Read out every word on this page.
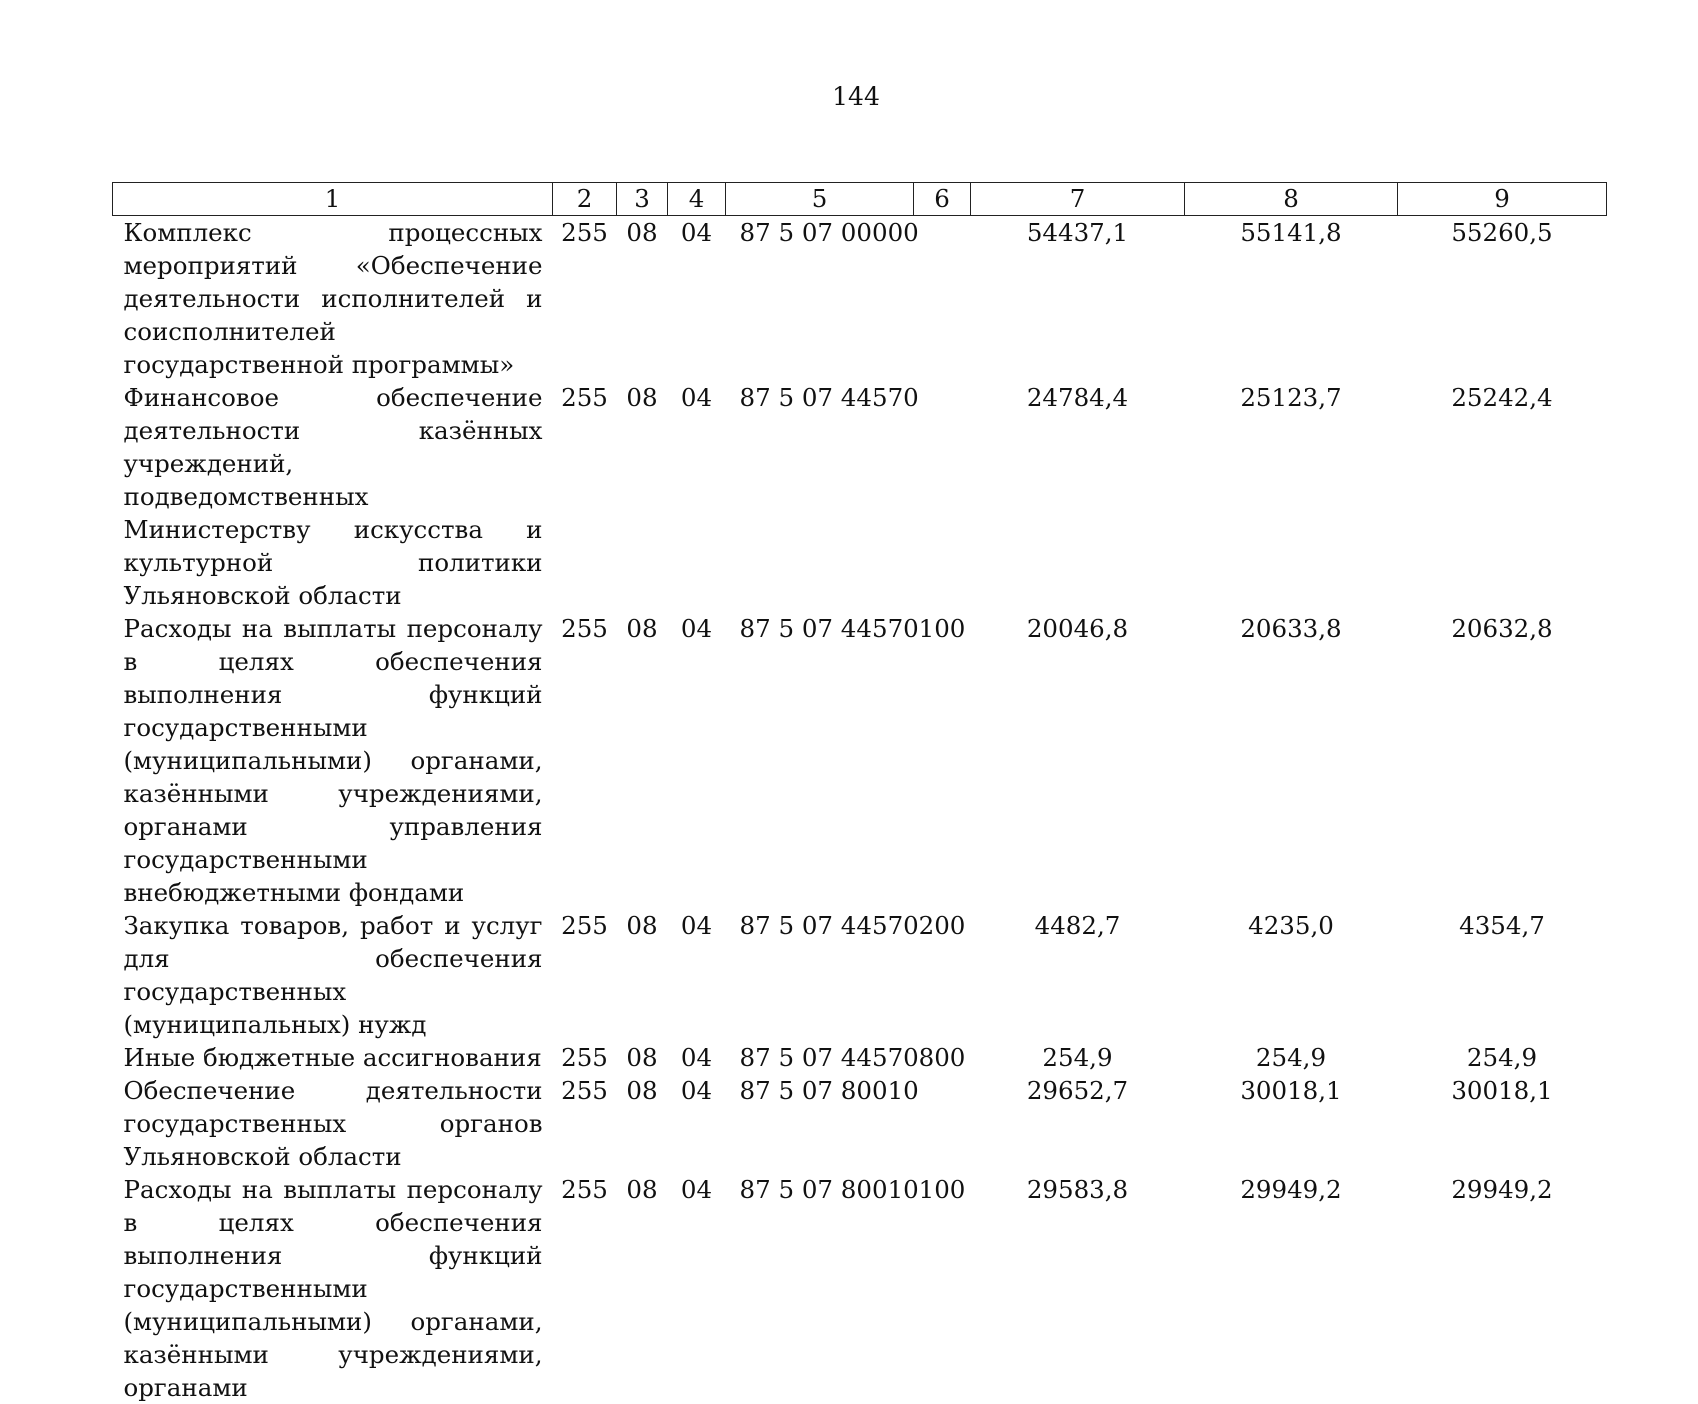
144
1	2	3	4	5	6	7	8	9
Комплекс процессных мероприятий «Обеспечение деятельности исполнителей и соисполнителей государственной программы»	255	08	04	87 5 07 00000		54437,1	55141,8	55260,5
Финансовое обеспечение деятельности казённых учреждений, подведомственных Министерству искусства и культурной политики Ульяновской области	255	08	04	87 5 07 44570		24784,4	25123,7	25242,4
Расходы на выплаты персоналу в целях обеспечения выполнения функций государственными (муниципальными) органами, казёнными учреждениями, органами управления государственными внебюджетными фондами	255	08	04	87 5 07 44570	100	20046,8	20633,8	20632,8
Закупка товаров, работ и услуг для обеспечения государственных (муниципальных) нужд	255	08	04	87 5 07 44570	200	4482,7	4235,0	4354,7
Иные бюджетные ассигнования	255	08	04	87 5 07 44570	800	254,9	254,9	254,9
Обеспечение деятельности государственных органов Ульяновской области	255	08	04	87 5 07 80010		29652,7	30018,1	30018,1
Расходы на выплаты персоналу в целях обеспечения выполнения функций государственными (муниципальными) органами, казёнными учреждениями, органами	255	08	04	87 5 07 80010	100	29583,8	29949,2	29949,2
